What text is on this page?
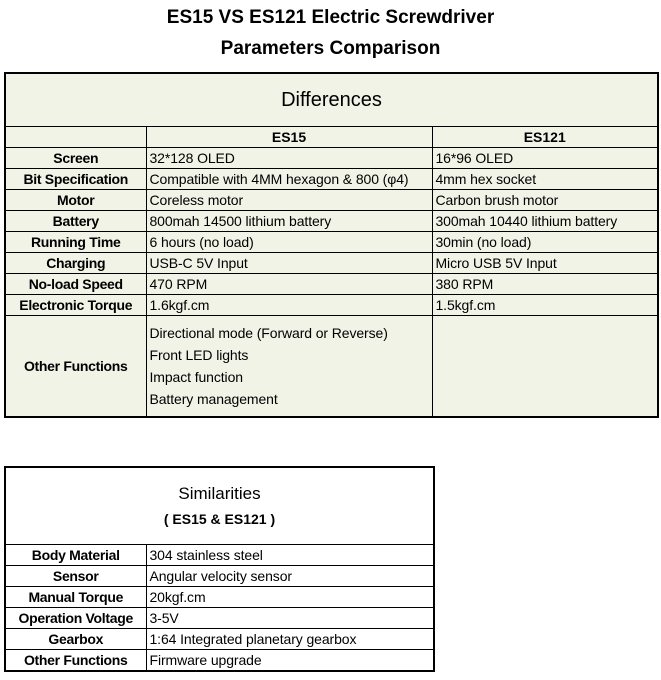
ES15 VS ES121 Electric Screwdriver
Parameters Comparison
Differences		
	ES15	ES121
Screen	32*128 OLED	16*96 OLED
Bit Specification	Compatible with 4MM hexagon & 800 (φ4)	4mm hex socket
Motor	Coreless motor	Carbon brush motor
Battery	800mah 14500 lithium battery	300mah 10440 lithium battery
Running Time	6 hours (no load)	30min (no load)
Charging	USB-C 5V Input	Micro USB 5V Input
No-load Speed	470 RPM	380 RPM
Electronic Torque	1.6kgf.cm	1.5kgf.cm
Other Functions	Directional mode (Forward or Reverse)
Front LED lights
Impact function
Battery management	

Similarities
( ES15 & ES121 )	

Body Material	304 stainless steel
Sensor	Angular velocity sensor
Manual Torque	20kgf.cm
Operation Voltage	3-5V
Gearbox	1:64 Integrated planetary gearbox
Other Functions	Firmware upgrade
